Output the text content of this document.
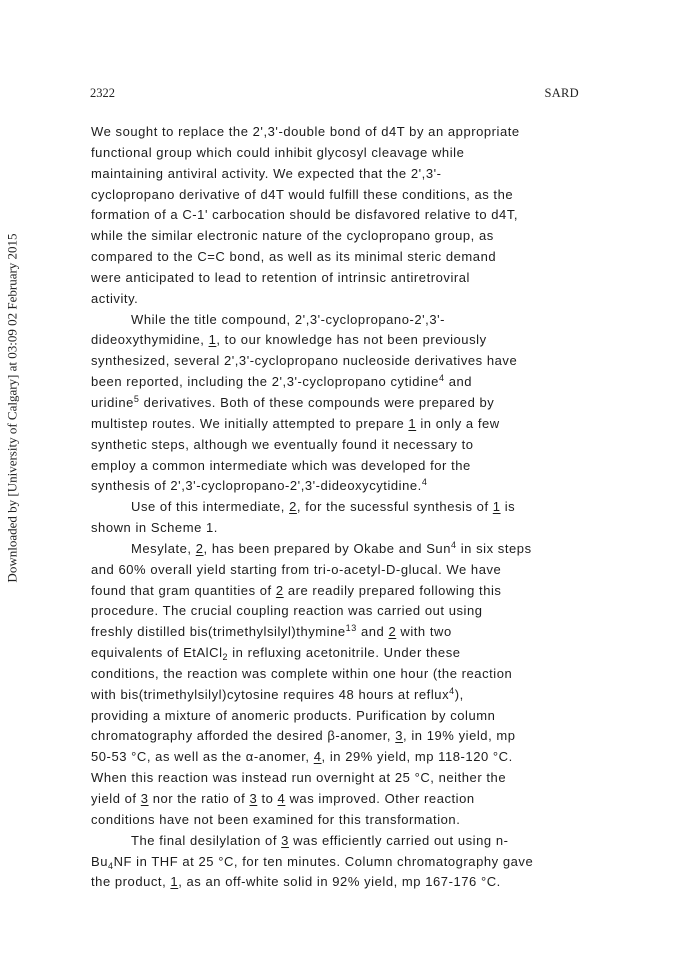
Downloaded by [University of Calgary] at 03:09 02 February 2015
2322	SARD
We sought to replace the 2',3'-double bond of d4T by an appropriate
functional group which could inhibit glycosyl cleavage while
maintaining antiviral activity. We expected that the 2',3'-
cyclopropano derivative of d4T would fulfill these conditions, as the
formation of a C-1' carbocation should be disfavored relative to d4T,
while the similar electronic nature of the cyclopropano group, as
compared to the C=C bond, as well as its minimal steric demand
were anticipated to lead to retention of intrinsic antiretroviral
activity.
While the title compound, 2',3'-cyclopropano-2',3'-
dideoxythymidine, 1, to our knowledge has not been previously
synthesized, several 2',3'-cyclopropano nucleoside derivatives have
been reported, including the 2',3'-cyclopropano cytidine$^4$ and
uridine$^5$ derivatives. Both of these compounds were prepared by
multistep routes. We initially attempted to prepare 1 in only a few
synthetic steps, although we eventually found it necessary to
employ a common intermediate which was developed for the
synthesis of 2',3'-cyclopropano-2',3'-dideoxycytidine.$^4$
Use of this intermediate, 2, for the sucessful synthesis of 1 is
shown in Scheme 1.
Mesylate, 2, has been prepared by Okabe and Sun$^4$ in six steps
and 60% overall yield starting from tri-o-acetyl-D-glucal. We have
found that gram quantities of 2 are readily prepared following this
procedure. The crucial coupling reaction was carried out using
freshly distilled bis(trimethylsilyl)thymine$^{13}$ and 2 with two
equivalents of EtAlCl$_2$ in refluxing acetonitrile. Under these
conditions, the reaction was complete within one hour (the reaction
with bis(trimethylsilyl)cytosine requires 48 hours at reflux$^4$),
providing a mixture of anomeric products. Purification by column
chromatography afforded the desired β-anomer, 3, in 19% yield, mp
50-53 °C, as well as the α-anomer, 4, in 29% yield, mp 118-120 °C.
When this reaction was instead run overnight at 25 °C, neither the
yield of 3 nor the ratio of 3 to 4 was improved. Other reaction
conditions have not been examined for this transformation.
The final desilylation of 3 was efficiently carried out using n-
$Bu_4NF$ in THF at 25 °C, for ten minutes. Column chromatography gave
the product, 1, as an off-white solid in 92% yield, mp 167-176 °C.
